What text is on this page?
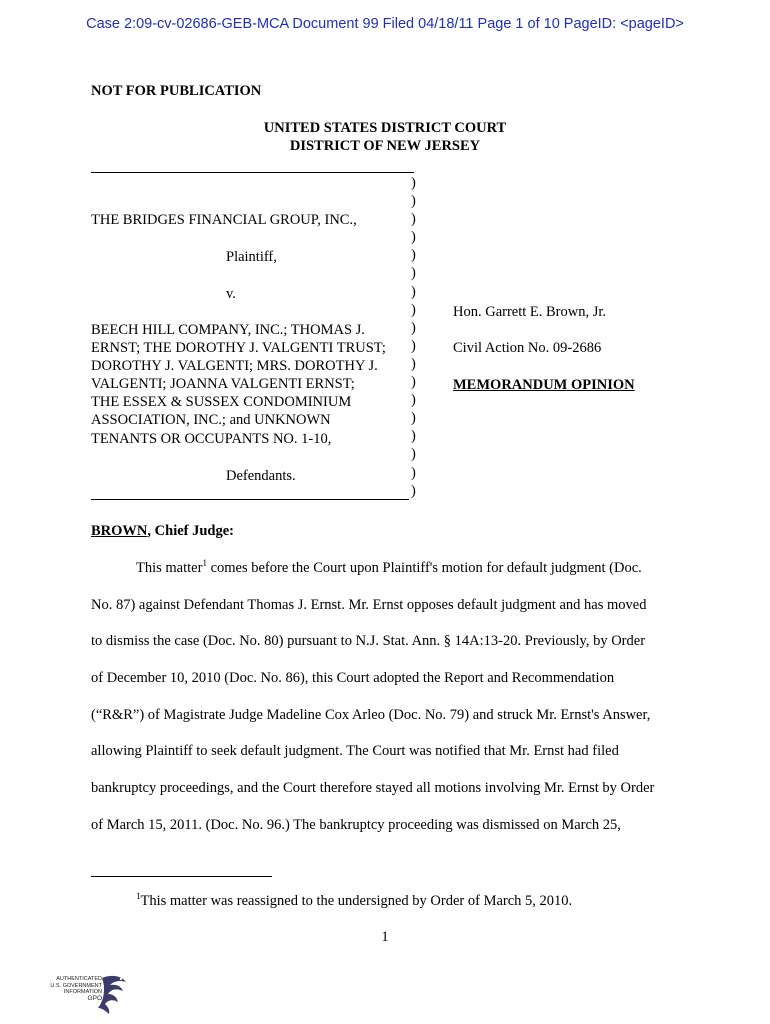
Case 2:09-cv-02686-GEB-MCA Document 99 Filed 04/18/11 Page 1 of 10 PageID: <pageID>
NOT FOR PUBLICATION
UNITED STATES DISTRICT COURT
DISTRICT OF NEW JERSEY
)
)
)
)
)
)
)
)
)
)
)
)
)
)
)
)
)
)
THE BRIDGES FINANCIAL GROUP, INC.,
Plaintiff,
v.
BEECH HILL COMPANY, INC.; THOMAS J.
ERNST; THE DOROTHY J. VALGENTI TRUST;
DOROTHY J. VALGENTI; MRS. DOROTHY J.
VALGENTI; JOANNA VALGENTI ERNST;
THE ESSEX & SUSSEX CONDOMINIUM
ASSOCIATION, INC.; and UNKNOWN
TENANTS OR OCCUPANTS NO. 1-10,
Defendants.
Hon. Garrett E. Brown, Jr.
Civil Action No. 09-2686
MEMORANDUM OPINION
BROWN, Chief Judge:
This matter$^1$ comes before the Court upon Plaintiff's motion for default judgment (Doc.
No. 87) against Defendant Thomas J. Ernst. Mr. Ernst opposes default judgment and has moved
to dismiss the case (Doc. No. 80) pursuant to N.J. Stat. Ann. § 14A:13-20. Previously, by Order
of December 10, 2010 (Doc. No. 86), this Court adopted the Report and Recommendation
(“R&R”) of Magistrate Judge Madeline Cox Arleo (Doc. No. 79) and struck Mr. Ernst's Answer,
allowing Plaintiff to seek default judgment. The Court was notified that Mr. Ernst had filed
bankruptcy proceedings, and the Court therefore stayed all motions involving Mr. Ernst by Order
of March 15, 2011. (Doc. No. 96.) The bankruptcy proceeding was dismissed on March 25,
$^1$This matter was reassigned to the undersigned by Order of March 5, 2010.
1
AUTHENTICATED
U.S. GOVERNMENT
INFORMATION
GPO
